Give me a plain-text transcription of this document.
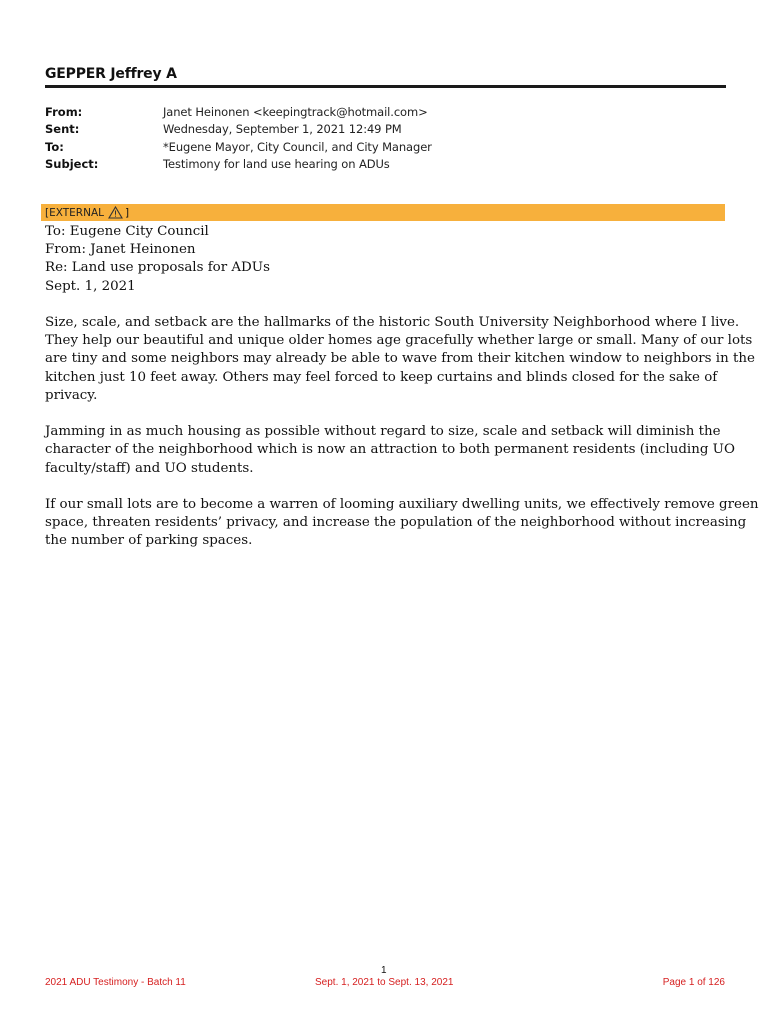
GEPPER Jeffrey A
From:	Janet Heinonen <keepingtrack@hotmail.com>
Sent:	Wednesday, September 1, 2021 12:49 PM
To:	*Eugene Mayor, City Council, and City Manager
Subject:	Testimony for land use hearing on ADUs
[EXTERNAL ]

To: Eugene City Council
From: Janet Heinonen
Re: Land use proposals for ADUs
Sept. 1, 2021

Size, scale, and setback are the hallmarks of the historic South University Neighborhood where I live.
They help our beautiful and unique older homes age gracefully whether large or small. Many of our lots
are tiny and some neighbors may already be able to wave from their kitchen window to neighbors in the
kitchen just 10 feet away. Others may feel forced to keep curtains and blinds closed for the sake of
privacy.

Jamming in as much housing as possible without regard to size, scale and setback will diminish the
character of the neighborhood which is now an attraction to both permanent residents (including UO
faculty/staff) and UO students.

If our small lots are to become a warren of looming auxiliary dwelling units, we effectively remove green
space, threaten residents’ privacy, and increase the population of the neighborhood without increasing
the number of parking spaces.

1
2021 ADU Testimony - Batch 11	Sept. 1, 2021 to Sept. 13, 2021	Page 1 of 126
